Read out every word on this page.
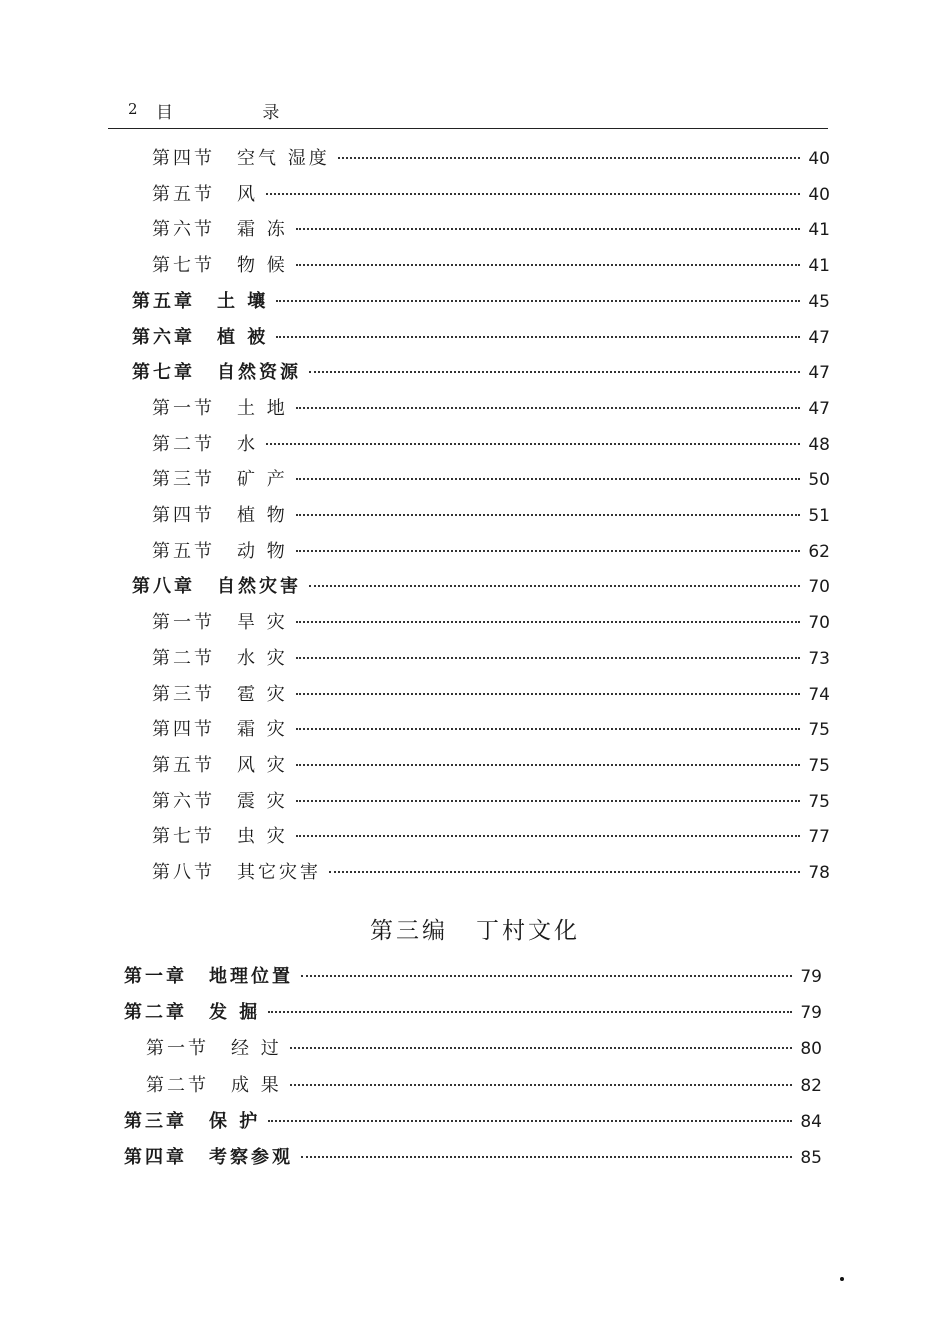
2 目 录
第四节 空气 湿度	40
第五节 风	40
第六节 霜 冻	41
第七节 物 候	41
第五章 土 壤	45
第六章 植 被	47
第七章 自然资源	47
第一节 土 地	47
第二节 水	48
第三节 矿 产	50
第四节 植 物	51
第五节 动 物	62
第八章 自然灾害	70
第一节 旱 灾	70
第二节 水 灾	73
第三节 雹 灾	74
第四节 霜 灾	75
第五节 风 灾	75
第六节 震 灾	75
第七节 虫 灾	77
第八节 其它灾害	78
第一章 地理位置	79
第二章 发 掘	79
第一节 经 过	80
第二节 成 果	82
第三章 保 护	84
第四章 考察参观	85
第三编 丁村文化
